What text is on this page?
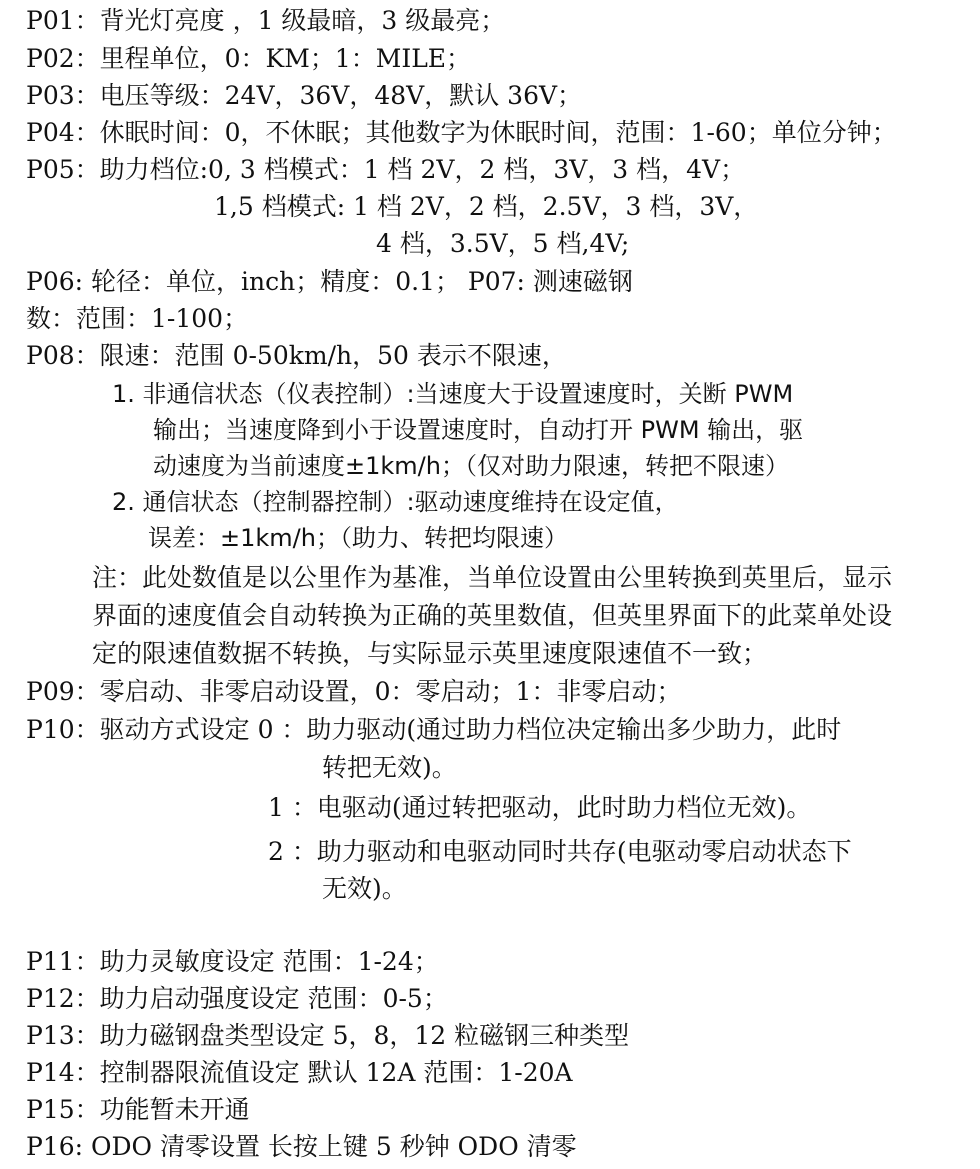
P01：背光灯亮度 ，1 级最暗，3 级最亮；
P02：里程单位，0：KM；1：MILE；
P03：电压等级：24V，36V，48V，默认 36V；
P04：休眠时间：0，不休眠；其他数字为休眠时间，范围：1-60；单位分钟；
P05：助力档位:0, 3 档模式：1 档 2V，2 档，3V，3 档，4V；
1,5 档模式: 1 档 2V，2 档，2.5V，3 档，3V，
4 档，3.5V，5 档,4V;
P06: 轮径：单位，inch；精度：0.1； P07: 测速磁钢
数：范围：1-100；
P08：限速：范围 0-50km/h，50 表示不限速，
1. 非通信状态（仪表控制）:当速度大于设置速度时，关断 PWM
输出；当速度降到小于设置速度时，自动打开 PWM 输出，驱
动速度为当前速度±1km/h；（仅对助力限速，转把不限速）
2. 通信状态（控制器控制）:驱动速度维持在设定值，
误差：±1km/h；（助力、转把均限速）
注：此处数值是以公里作为基准，当单位设置由公里转换到英里后，显示
界面的速度值会自动转换为正确的英里数值，但英里界面下的此菜单处设
定的限速值数据不转换，与实际显示英里速度限速值不一致；
P09：零启动、非零启动设置，0：零启动；1：非零启动；
P10：驱动方式设定 0 ：助力驱动(通过助力档位决定输出多少助力，此时
转把无效)。
1 ：电驱动(通过转把驱动，此时助力档位无效)。
2 ：助力驱动和电驱动同时共存(电驱动零启动状态下
无效)。
P11：助力灵敏度设定 范围：1-24；
P12：助力启动强度设定 范围：0-5；
P13：助力磁钢盘类型设定 5，8，12 粒磁钢三种类型
P14：控制器限流值设定 默认 12A 范围：1-20A
P15：功能暂未开通
P16: ODO 清零设置 长按上键 5 秒钟 ODO 清零
